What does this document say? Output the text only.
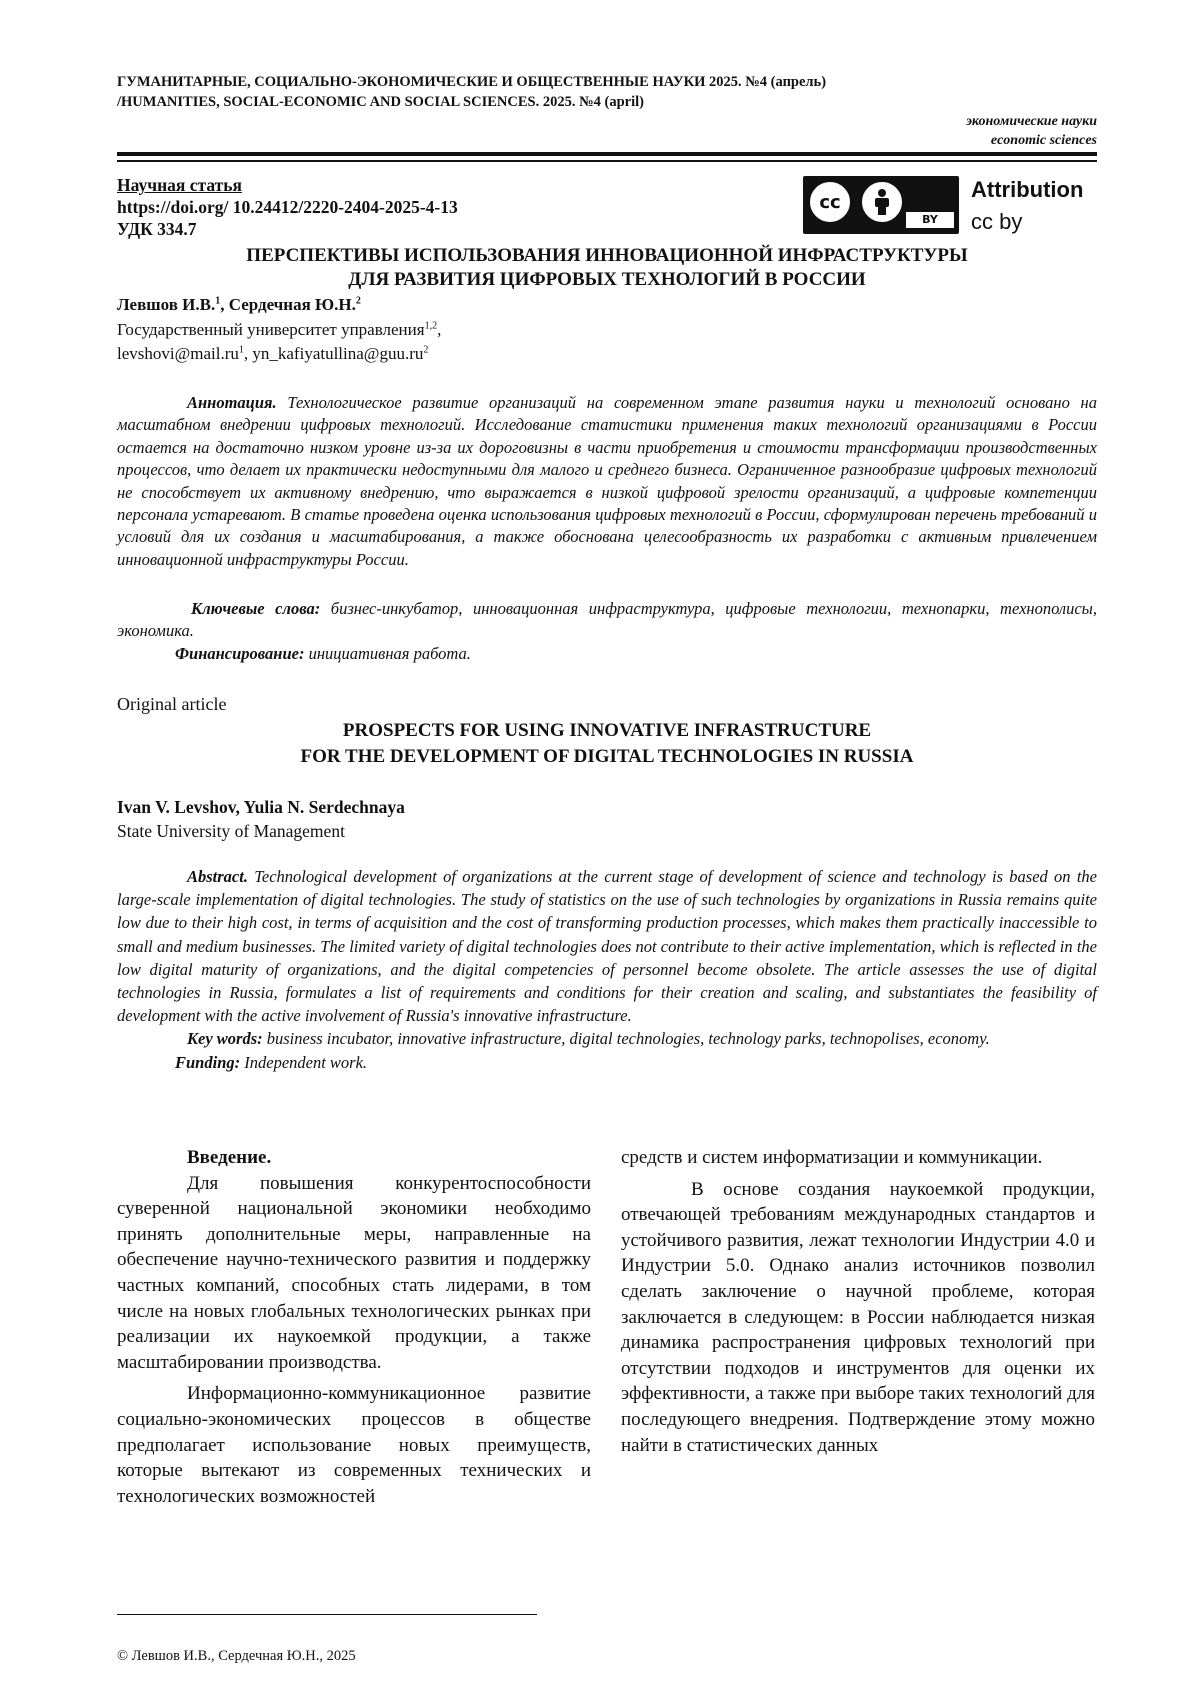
ГУМАНИТАРНЫЕ, СОЦИАЛЬНО-ЭКОНОМИЧЕСКИЕ И ОБЩЕСТВЕННЫЕ НАУКИ 2025. №4 (апрель)
/HUMANITIES, SOCIAL-ECONOMIC AND SOCIAL SCIENCES. 2025. №4 (april)
экономические науки
economic sciences
Научная статья
https://doi.org/ 10.24412/2220-2404-2025-4-13
УДК 334.7
cc
BY
Attribution
cc by
ПЕРСПЕКТИВЫ ИСПОЛЬЗОВАНИЯ ИННОВАЦИОННОЙ ИНФРАСТРУКТУРЫ
ДЛЯ РАЗВИТИЯ ЦИФРОВЫХ ТЕХНОЛОГИЙ В РОССИИ
Левшов И.В.$^1$, Сердечная Ю.Н.$^2$
Государственный университет управления$^{1,2}$,
$levshovi@mail.ru^1$, $yn\_kafiyatullina@guu.ru^2$

Аннотация. Технологическое развитие организаций на современном этапе развития науки и технологий основано на масштабном внедрении цифровых технологий. Исследование статистики применения таких технологий организациями в России остается на достаточно низком уровне из-за их дороговизны в части приобретения и стоимости трансформации производственных процессов, что делает их практически недоступными для малого и среднего бизнеса. Ограниченное разнообразие цифровых технологий не способствует их активному внедрению, что выражается в низкой цифровой зрелости организаций, а цифровые компетенции персонала устаревают. В статье проведена оценка использования цифровых технологий в России, сформулирован перечень требований и условий для их создания и масштабирования, а также обоснована целесообразность их разработки с активным привлечением инновационной инфраструктуры России.

Ключевые слова: бизнес-инкубатор, инновационная инфраструктура, цифровые технологии, технопарки, технополисы, экономика.

Финансирование: инициативная работа.

Original article
PROSPECTS FOR USING INNOVATIVE INFRASTRUCTURE
FOR THE DEVELOPMENT OF DIGITAL TECHNOLOGIES IN RUSSIA
Ivan V. Levshov, Yulia N. Serdechnaya
State University of Management

Abstract. Technological development of organizations at the current stage of development of science and technology is based on the large-scale implementation of digital technologies. The study of statistics on the use of such technologies by organizations in Russia remains quite low due to their high cost, in terms of acquisition and the cost of transforming production processes, which makes them practically inaccessible to small and medium businesses. The limited variety of digital technologies does not contribute to their active implementation, which is reflected in the low digital maturity of organizations, and the digital competencies of personnel become obsolete. The article assesses the use of digital technologies in Russia, formulates a list of requirements and conditions for their creation and scaling, and substantiates the feasibility of development with the active involvement of Russia's innovative infrastructure.

Key words: business incubator, innovative infrastructure, digital technologies, technology parks, technopolises, economy.

Funding: Independent work.

Введение.

Для повышения конкурентоспособности суверенной национальной экономики необходимо принять дополнительные меры, направленные на обеспечение научно-технического развития и поддержку частных компаний, способных стать лидерами, в том числе на новых глобальных технологических рынках при реализации их наукоемкой продукции, а также масштабировании производства.

Информационно-коммуникационное развитие социально-экономических процессов в обществе предполагает использование новых преимуществ, которые вытекают из современных технических и технологических возможностей

средств и систем информатизации и коммуникации.

В основе создания наукоемкой продукции, отвечающей требованиям международных стандартов и устойчивого развития, лежат технологии Индустрии 4.0 и Индустрии 5.0. Однако анализ источников позволил сделать заключение о научной проблеме, которая заключается в следующем: в России наблюдается низкая динамика распространения цифровых технологий при отсутствии подходов и инструментов для оценки их эффективности, а также при выборе таких технологий для последующего внедрения. Подтверждение этому можно найти в статистических данных

© Левшов И.В., Сердечная Ю.Н., 2025
